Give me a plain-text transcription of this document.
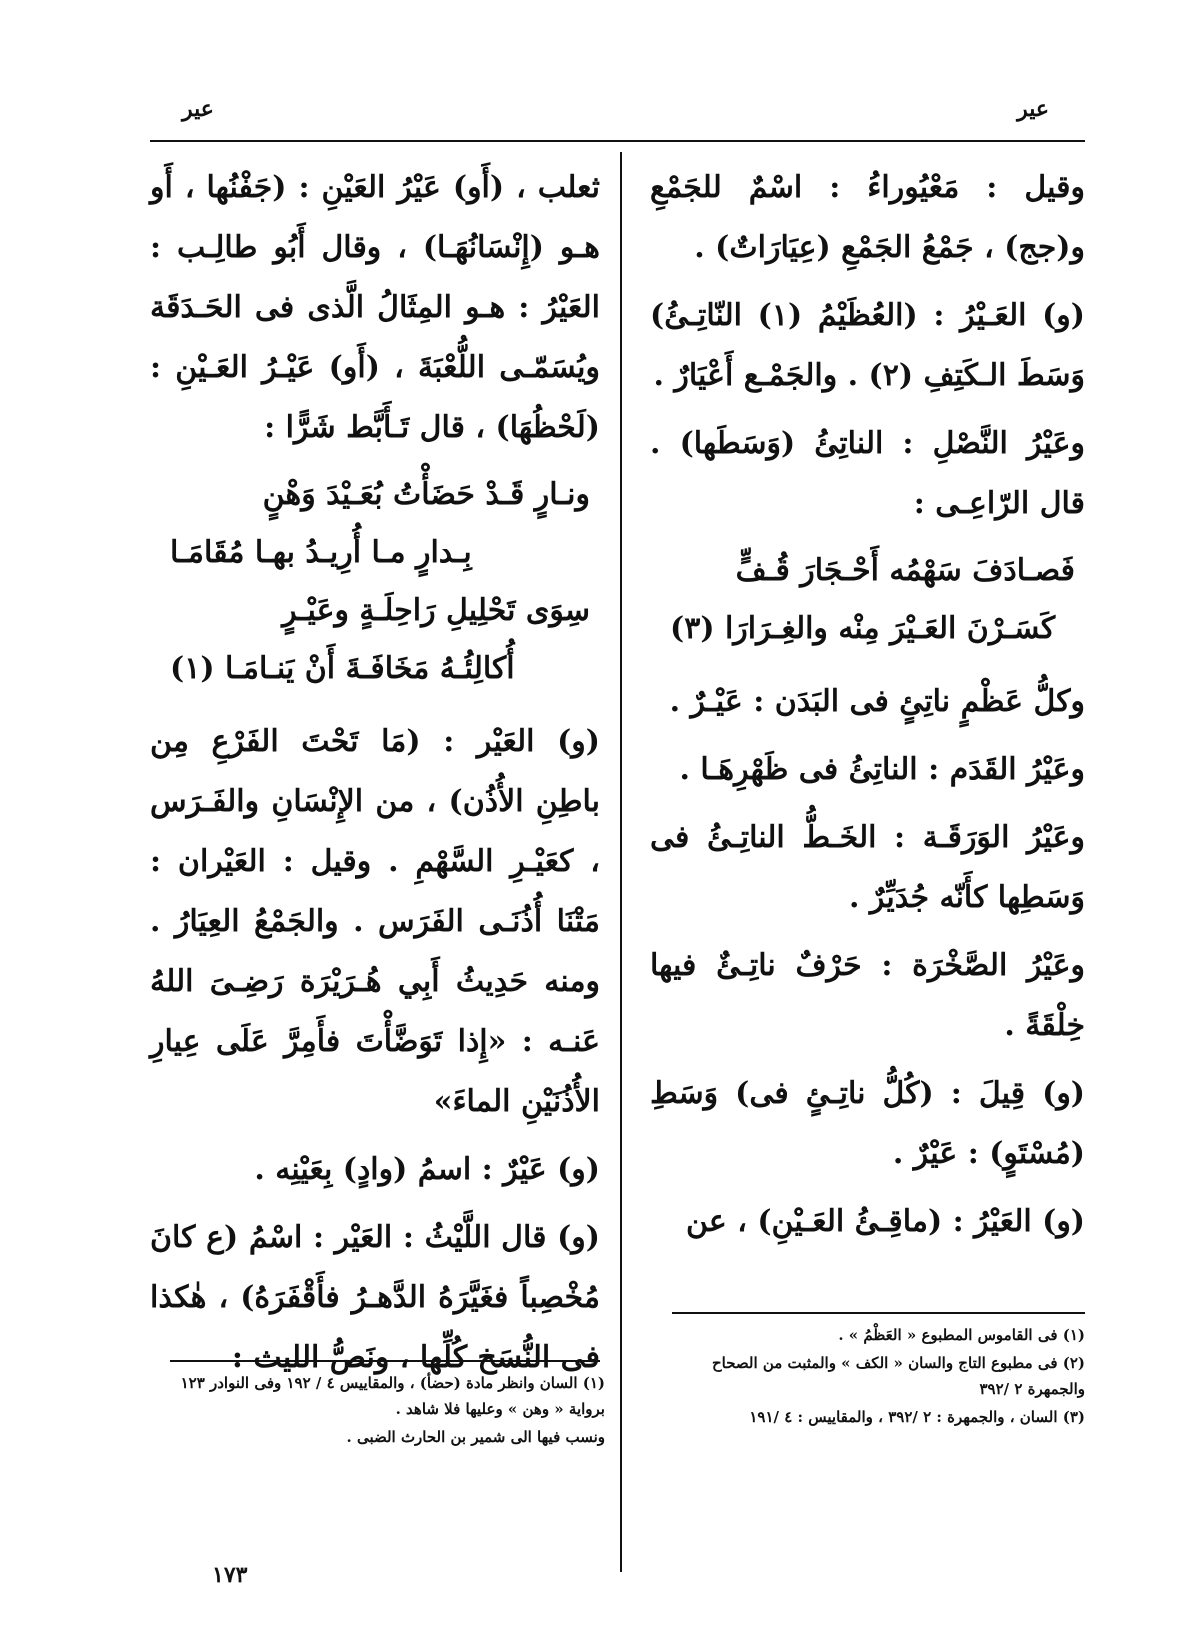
عير
عير

وقيل : مَعْيُوراءُ : اسْمٌ للجَمْعِ و(جج) ، جَمْعُ الجَمْعِ (عِيَارَاتٌ) .

(و) العَـيْرُ : (العُظَيْمُ (١) النّاتِـئُ) وَسَطَ الـكَتِفِ (٢) . والجَمْـع أَعْيَارٌ .

وعَيْرُ النَّصْلِ : الناتِئُ (وَسَطَها) . قال الرّاعِـى :

فَصـادَفَ سَهْمُه أَحْـجَارَ قُـفٍّ
كَسَـرْنَ العَـيْرَ مِنْه والغِـرَارَا (٣)

وكلُّ عَظْمٍ ناتِئٍ فى البَدَن : عَيْـرٌ .

وعَيْرُ القَدَم : الناتِئُ فى ظَهْرِهَـا .

وعَيْرُ الوَرَقَـة : الخَـطُّ الناتِـئُ فى وَسَطِها كأَنّه جُدَيِّرٌ .

وعَيْرُ الصَّخْرَة : حَرْفٌ ناتِـئٌ فيها خِلْقَةً .

(و) قِيلَ : (كُلُّ ناتِـئٍ فى) وَسَطِ (مُسْتَوٍ) : عَيْرٌ .

(و) العَيْرُ : (ماقِـئُ العَـيْنِ) ، عن

ثعلب ، (أَو) عَيْرُ العَيْنِ : (جَفْنُها ، أَو هـو (إِنْسَانُهَـا) ، وقال أَبُو طالِـب : العَيْرُ : هـو المِثَالُ الَّذى فى الحَـدَقَة ويُسَمّـى اللُّعْبَةَ ، (أَو) عَيْـرُ العَـيْنِ : (لَحْظُهَا) ، قال تَـأَبَّط شَرًّا :

ونـارٍ قَـدْ حَضَأْتُ بُعَـيْدَ وَهْنٍ
بِـدارٍ مـا أُرِيـدُ بهـا مُقَامَـا
سِوَى تَحْلِيلِ رَاحِلَـةٍ وعَيْـرٍ
أُكالِئُـهُ مَخَافَـةَ أَنْ يَنـامَـا (١)

(و) العَيْر : (مَا تَحْتَ الفَرْعِ مِن باطِنِ الأُذُن) ، من الإِنْسَانِ والفَـرَس ، كعَيْـرِ السَّهْمِ . وقيل : العَيْران : مَتْنَا أُذُنَـى الفَرَس . والجَمْعُ العِيَارُ . ومنه حَدِيثُ أَبِي هُـرَيْرَة رَضِـىَ اللهُ عَنـه : «إِذا تَوَضَّأْتَ فأَمِرَّ عَلَى عِيارِ الأُذُنَيْنِ الماءَ»

(و) عَيْرٌ : اسمُ (وادٍ) بِعَيْنِه .

(و) قال اللَّيْثُ : العَيْر : اسْمُ (ع كانَ مُخْصِباً فغَيَّرَهُ الدَّهـرُ فأَقْفَرَهُ) ، هٰكذا فى النُّسَخ كُلِّها ، ونَصُّ الليث :

(١) فى القاموس المطبوع « العَظْمُ » .
(٢) فى مطبوع التاج والسان « الكف » والمثبت من الصحاح والجمهرة ٢ /٣٩٢
(٣) السان ، والجمهرة : ٢ /٣٩٢ ، والمقاييس : ٤ /١٩١
(١) السان وانظر مادة (حضأ) ، والمقاييس ٤ / ١٩٢ وفى النوادر ١٢٣ برواية « وهن » وعليها فلا شاهد .
ونسب فيها الى شمير بن الحارث الضبى .
١٧٣
